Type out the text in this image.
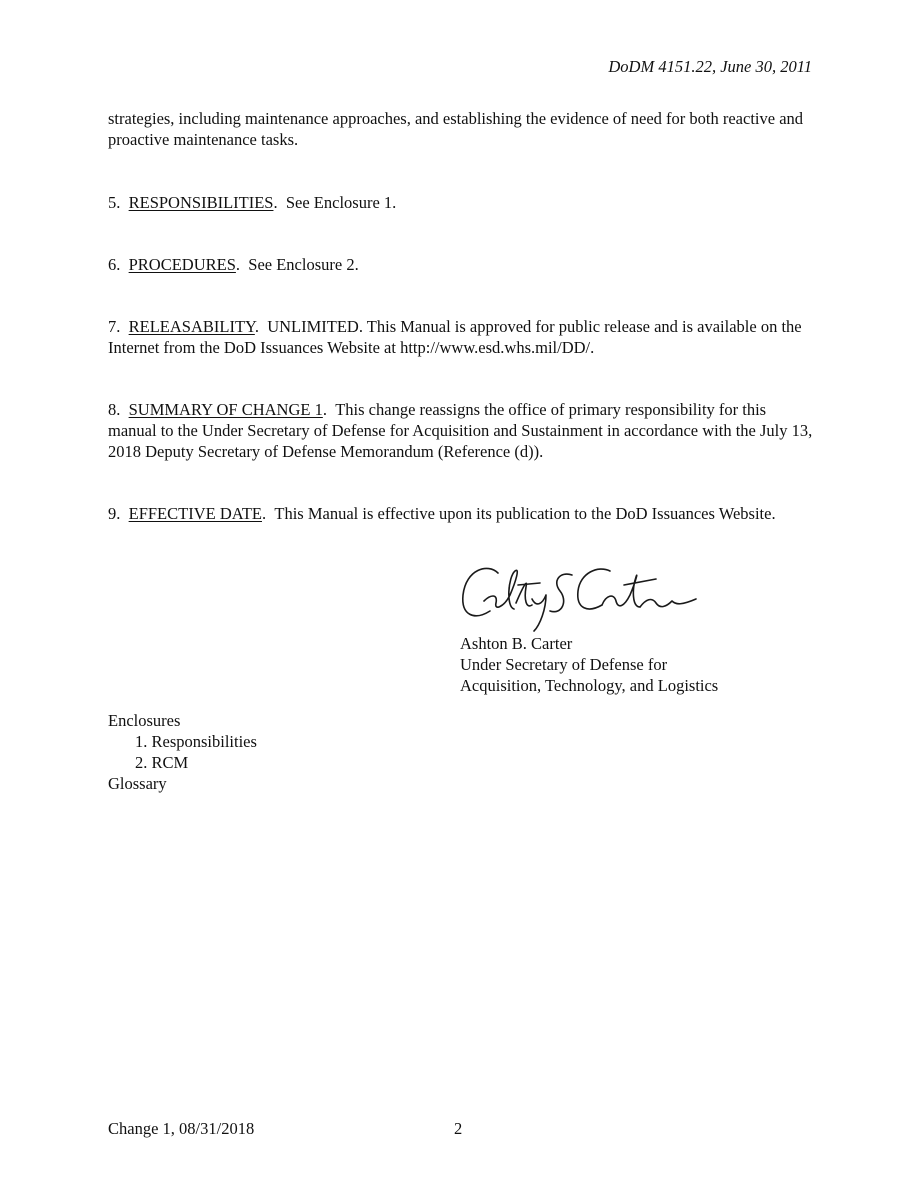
DoDM 4151.22, June 30, 2011

strategies, including maintenance approaches, and establishing the evidence of need for both reactive and proactive maintenance tasks.

5. RESPONSIBILITIES.  See Enclosure 1.

6. PROCEDURES.  See Enclosure 2.

7. RELEASABILITY.  UNLIMITED. This Manual is approved for public release and is available on the Internet from the DoD Issuances Website at http://www.esd.whs.mil/DD/.

8. SUMMARY OF CHANGE 1.  This change reassigns the office of primary responsibility for this manual to the Under Secretary of Defense for Acquisition and Sustainment in accordance with the July 13, 2018 Deputy Secretary of Defense Memorandum (Reference (d)).

9. EFFECTIVE DATE.  This Manual is effective upon its publication to the DoD Issuances Website.

Ashton B. Carter
Under Secretary of Defense for
Acquisition, Technology, and Logistics
Enclosures
1. Responsibilities
2. RCM
Glossary
Change 1, 08/31/2018	2
